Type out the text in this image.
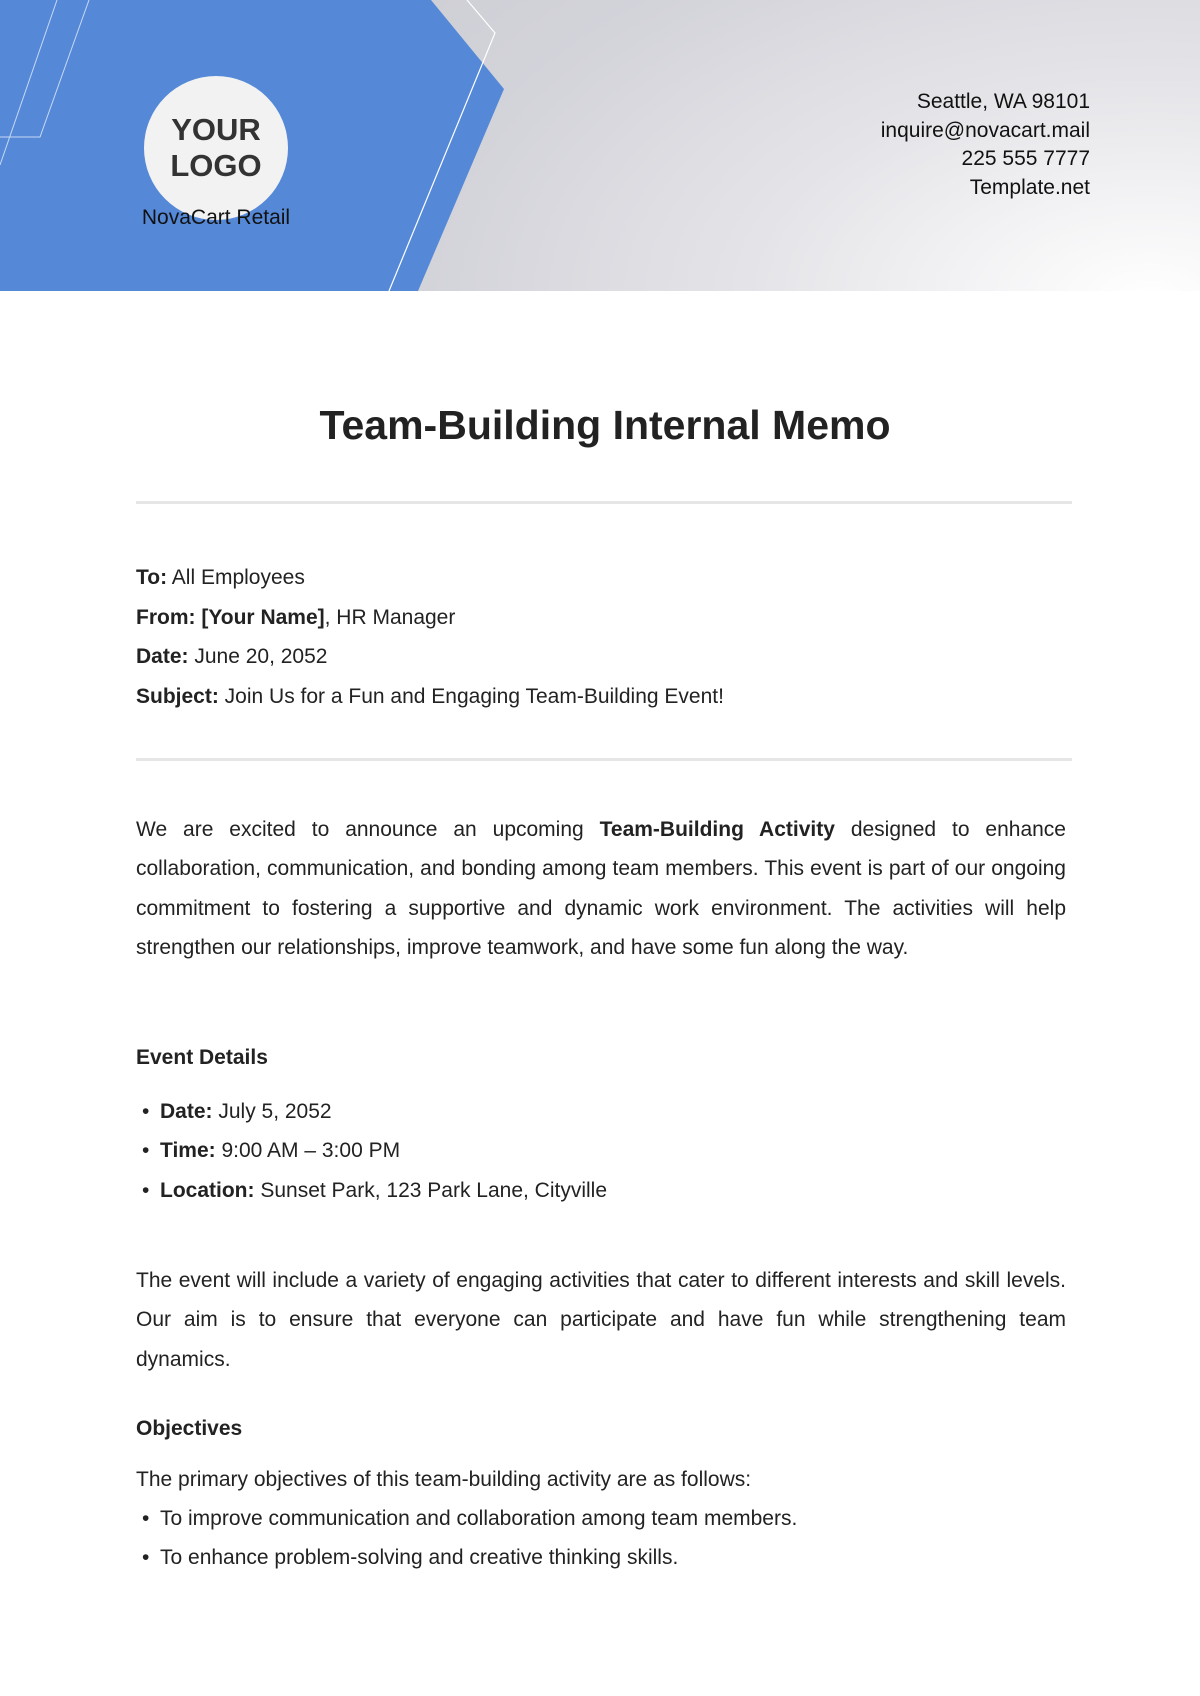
YOUR
LOGO
NovaCart Retail
Seattle, WA 98101
inquire@novacart.mail
225 555 7777
Template.net
Team-Building Internal Memo
To: All Employees
From: [Your Name], HR Manager
Date: June 20, 2052
Subject: Join Us for a Fun and Engaging Team-Building Event!
We are excited to announce an upcoming Team-Building Activity designed to enhance collaboration, communication, and bonding among team members. This event is part of our ongoing commitment to fostering a supportive and dynamic work environment. The activities will help strengthen our relationships, improve teamwork, and have some fun along the way.
Event Details
• Date: July 5, 2052
• Time: 9:00 AM – 3:00 PM
• Location: Sunset Park, 123 Park Lane, Cityville
The event will include a variety of engaging activities that cater to different interests and skill levels. Our aim is to ensure that everyone can participate and have fun while strengthening team dynamics.
Objectives
The primary objectives of this team-building activity are as follows:
• To improve communication and collaboration among team members.
• To enhance problem-solving and creative thinking skills.
